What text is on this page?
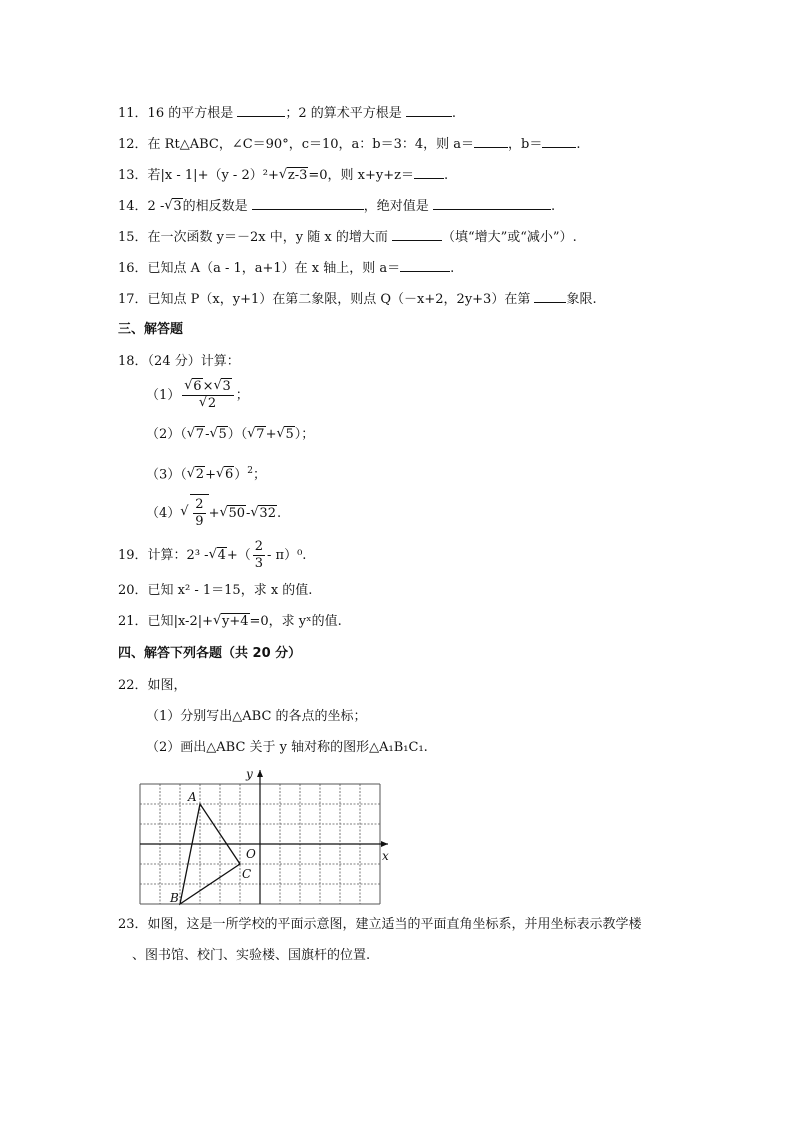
11．16 的平方根是	；2 的算术平方根是	.
12．在 Rt△ABC，∠C＝90°，c＝10，a：b＝3：4，则 a＝	，b＝	.
13．若|x - 1|+（y - 2）²+ √ z-3=0，则 x+y+z＝ .
14．2 - √ 3的相反数是	，绝对值是	.
15．在一次函数 y＝－2x 中，y 随 x 的增大而	（填“增大”或“减小”）.
16．已知点 A（a - 1，a+1）在 x 轴上，则 a＝	.
17．已知点 P（x，y+1）在第二象限，则点 Q（－x+2，2y+3）在第	象限.
三、解答题
18．（24 分）计算：
（1） √ 6× √ 3
√ 2 ；
（2）（ √ 7- √ 5）（ √ 7+ √ 5）；
（3）（ √ 2+ √ 6）$^2$；
（4） √ $\frac{2}{9}$ + √ 50- √ 32.
19．计算：2³ - √ $4+( \frac{2}{3} - \pi)^0$.
20．已知 x² - 1＝15，求 x 的值.
21．已知|x-2|+ √ y+4=0，求 yˣ的值.
四、解答下列各题（共 20 分）
22．如图，
（1）分别写出△ABC 的各点的坐标；
（2）画出△ABC 关于 y 轴对称的图形△A₁B₁C₁.
A
B
C
O	x
y
23．如图，这是一所学校的平面示意图，建立适当的平面直角坐标系，并用坐标表示教学楼
、图书馆、校门、实验楼、国旗杆的位置.
